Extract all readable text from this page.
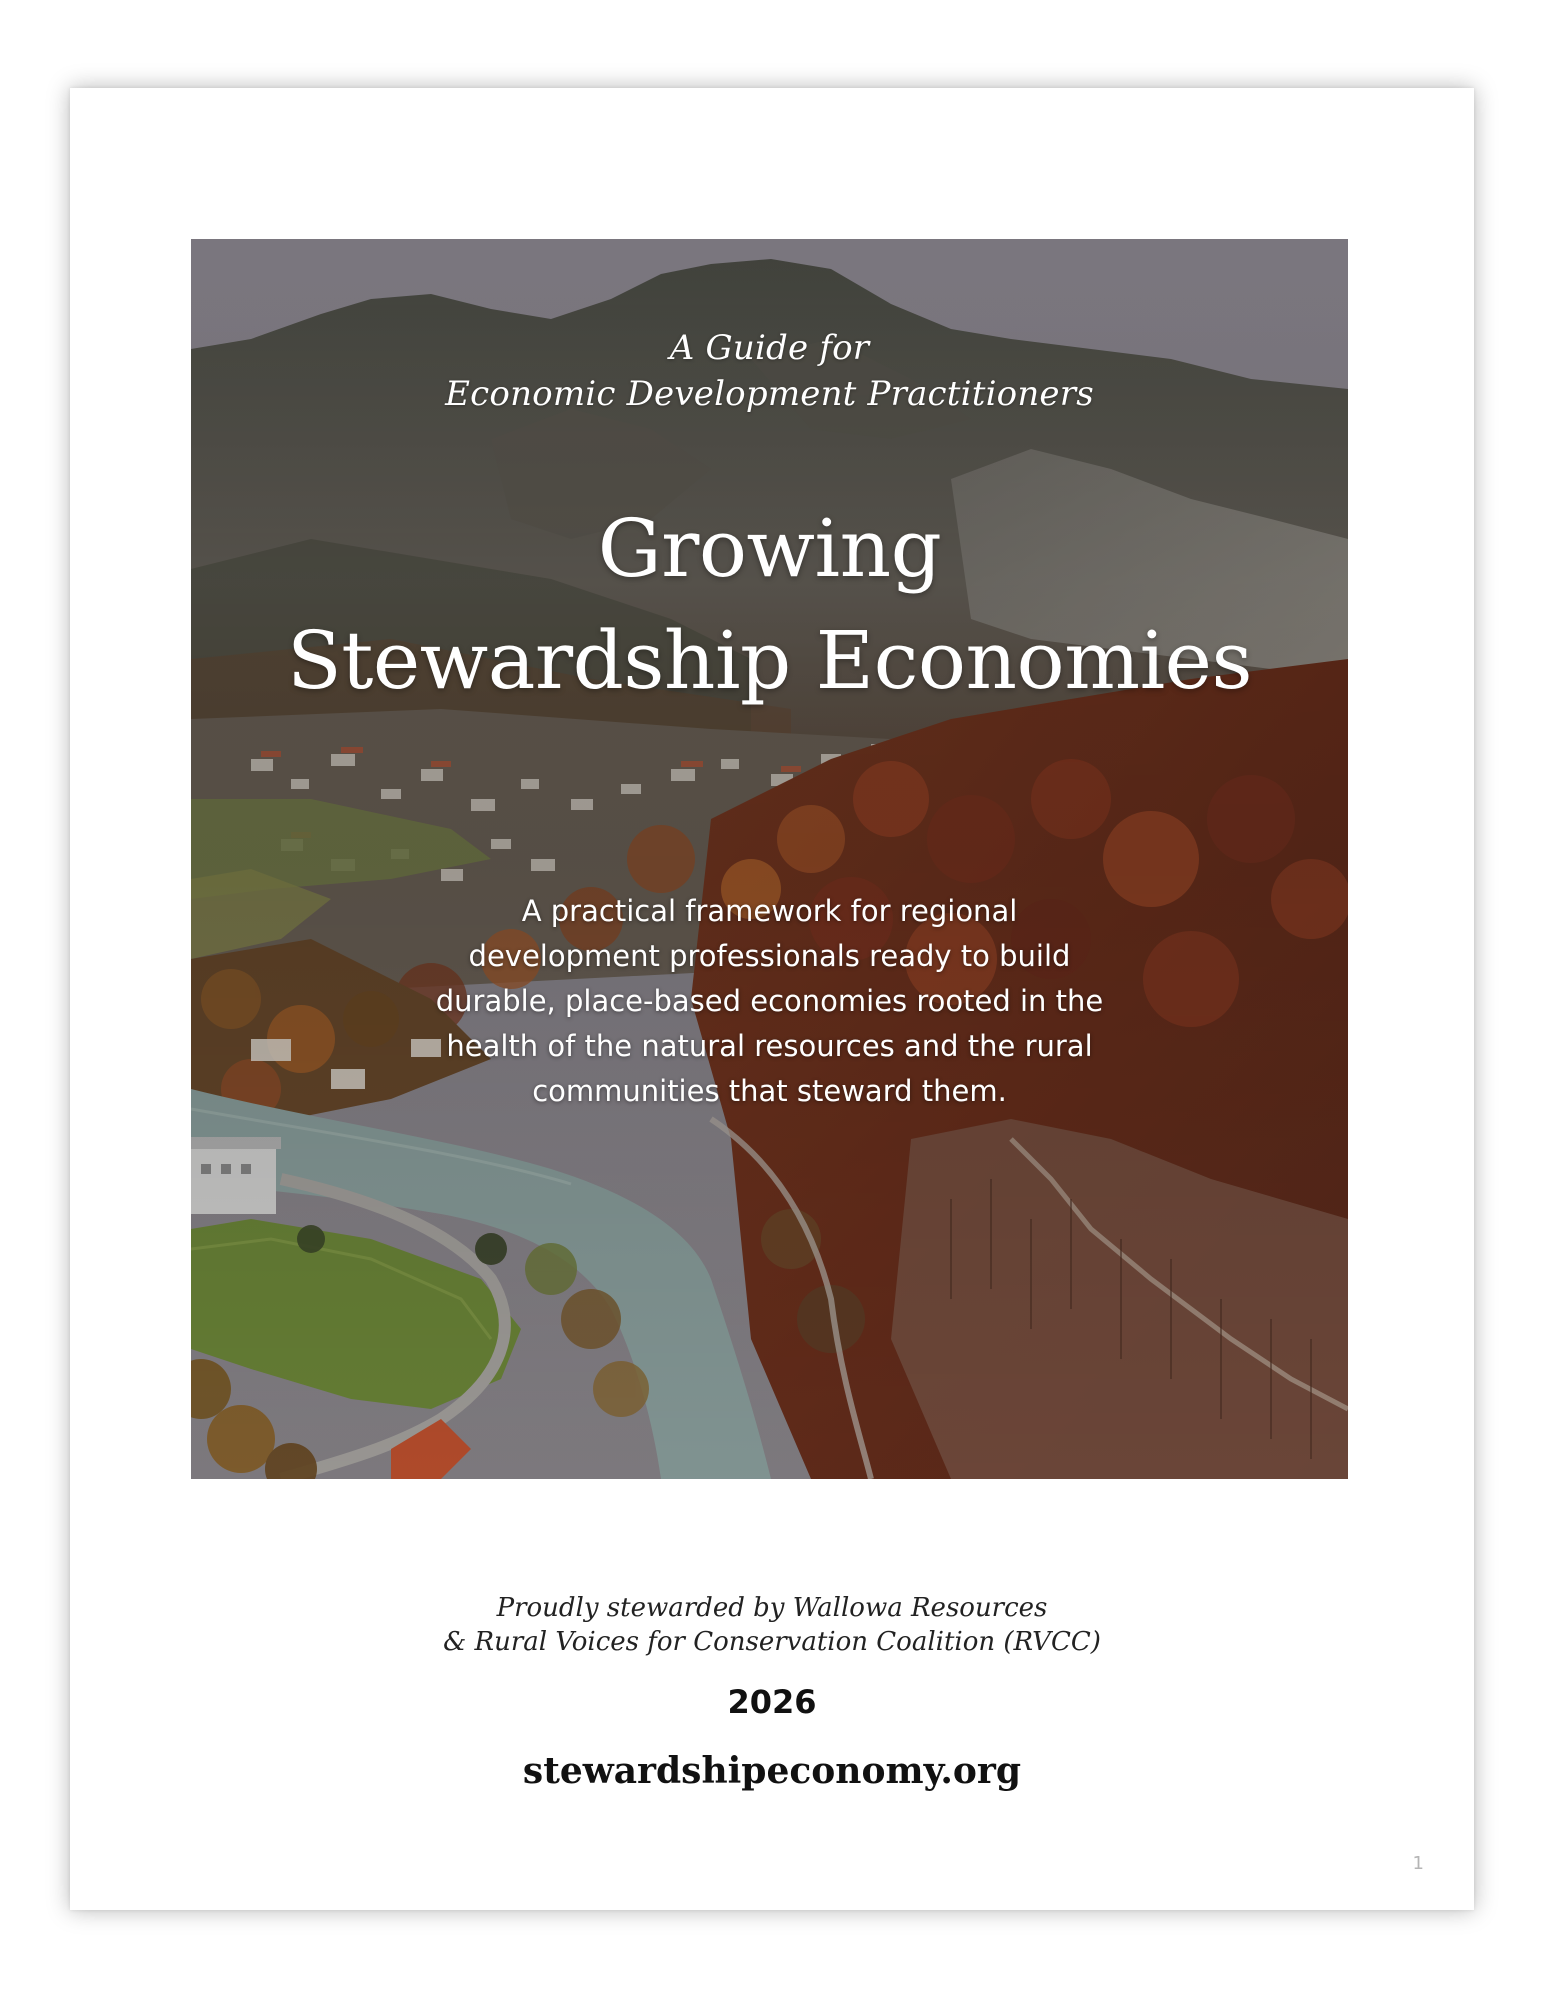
A Guide for
Economic Development Practitioners
Growing
Stewardship Economies
A practical framework for regional
development professionals ready to build
durable, place-based economies rooted in the
health of the natural resources and the rural
communities that steward them.
Proudly stewarded by Wallowa Resources
& Rural Voices for Conservation Coalition (RVCC)
2026
stewardshipeconomy.org
1
